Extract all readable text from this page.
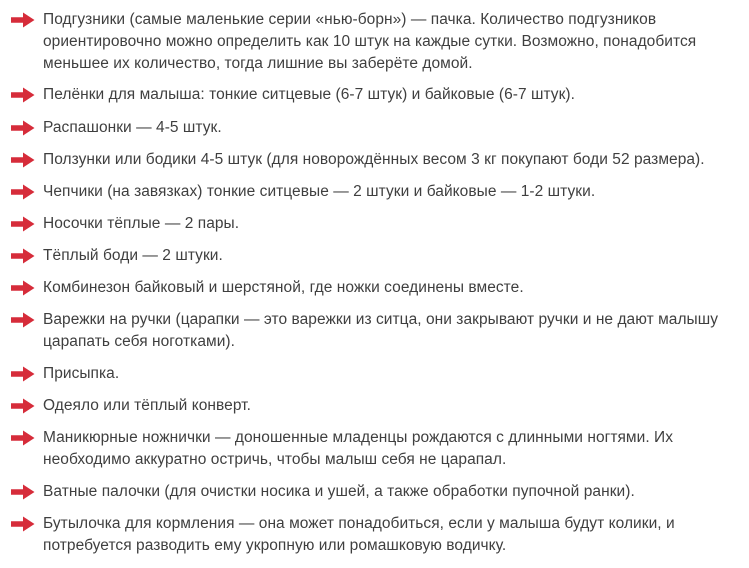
Подгузники (самые маленькие серии «нью-борн») — пачка. Количество подгузников
ориентировочно можно определить как 10 штук на каждые сутки. Возможно, понадобится
меньшее их количество, тогда лишние вы заберёте домой.
Пелёнки для малыша: тонкие ситцевые (6-7 штук) и байковые (6-7 штук).
Распашонки — 4-5 штук.
Ползунки или бодики 4-5 штук (для новорождённых весом 3 кг покупают боди 52 размера).
Чепчики (на завязках) тонкие ситцевые — 2 штуки и байковые — 1-2 штуки.
Носочки тёплые — 2 пары.
Тёплый боди — 2 штуки.
Комбинезон байковый и шерстяной, где ножки соединены вместе.
Варежки на ручки (царапки — это варежки из ситца, они закрывают ручки и не дают малышу
царапать себя ноготками).
Присыпка.
Одеяло или тёплый конверт.
Маникюрные ножнички — доношенные младенцы рождаются с длинными ногтями. Их
необходимо аккуратно остричь, чтобы малыш себя не царапал.
Ватные палочки (для очистки носика и ушей, а также обработки пупочной ранки).
Бутылочка для кормления — она может понадобиться, если у малыша будут колики, и
потребуется разводить ему укропную или ромашковую водичку.
